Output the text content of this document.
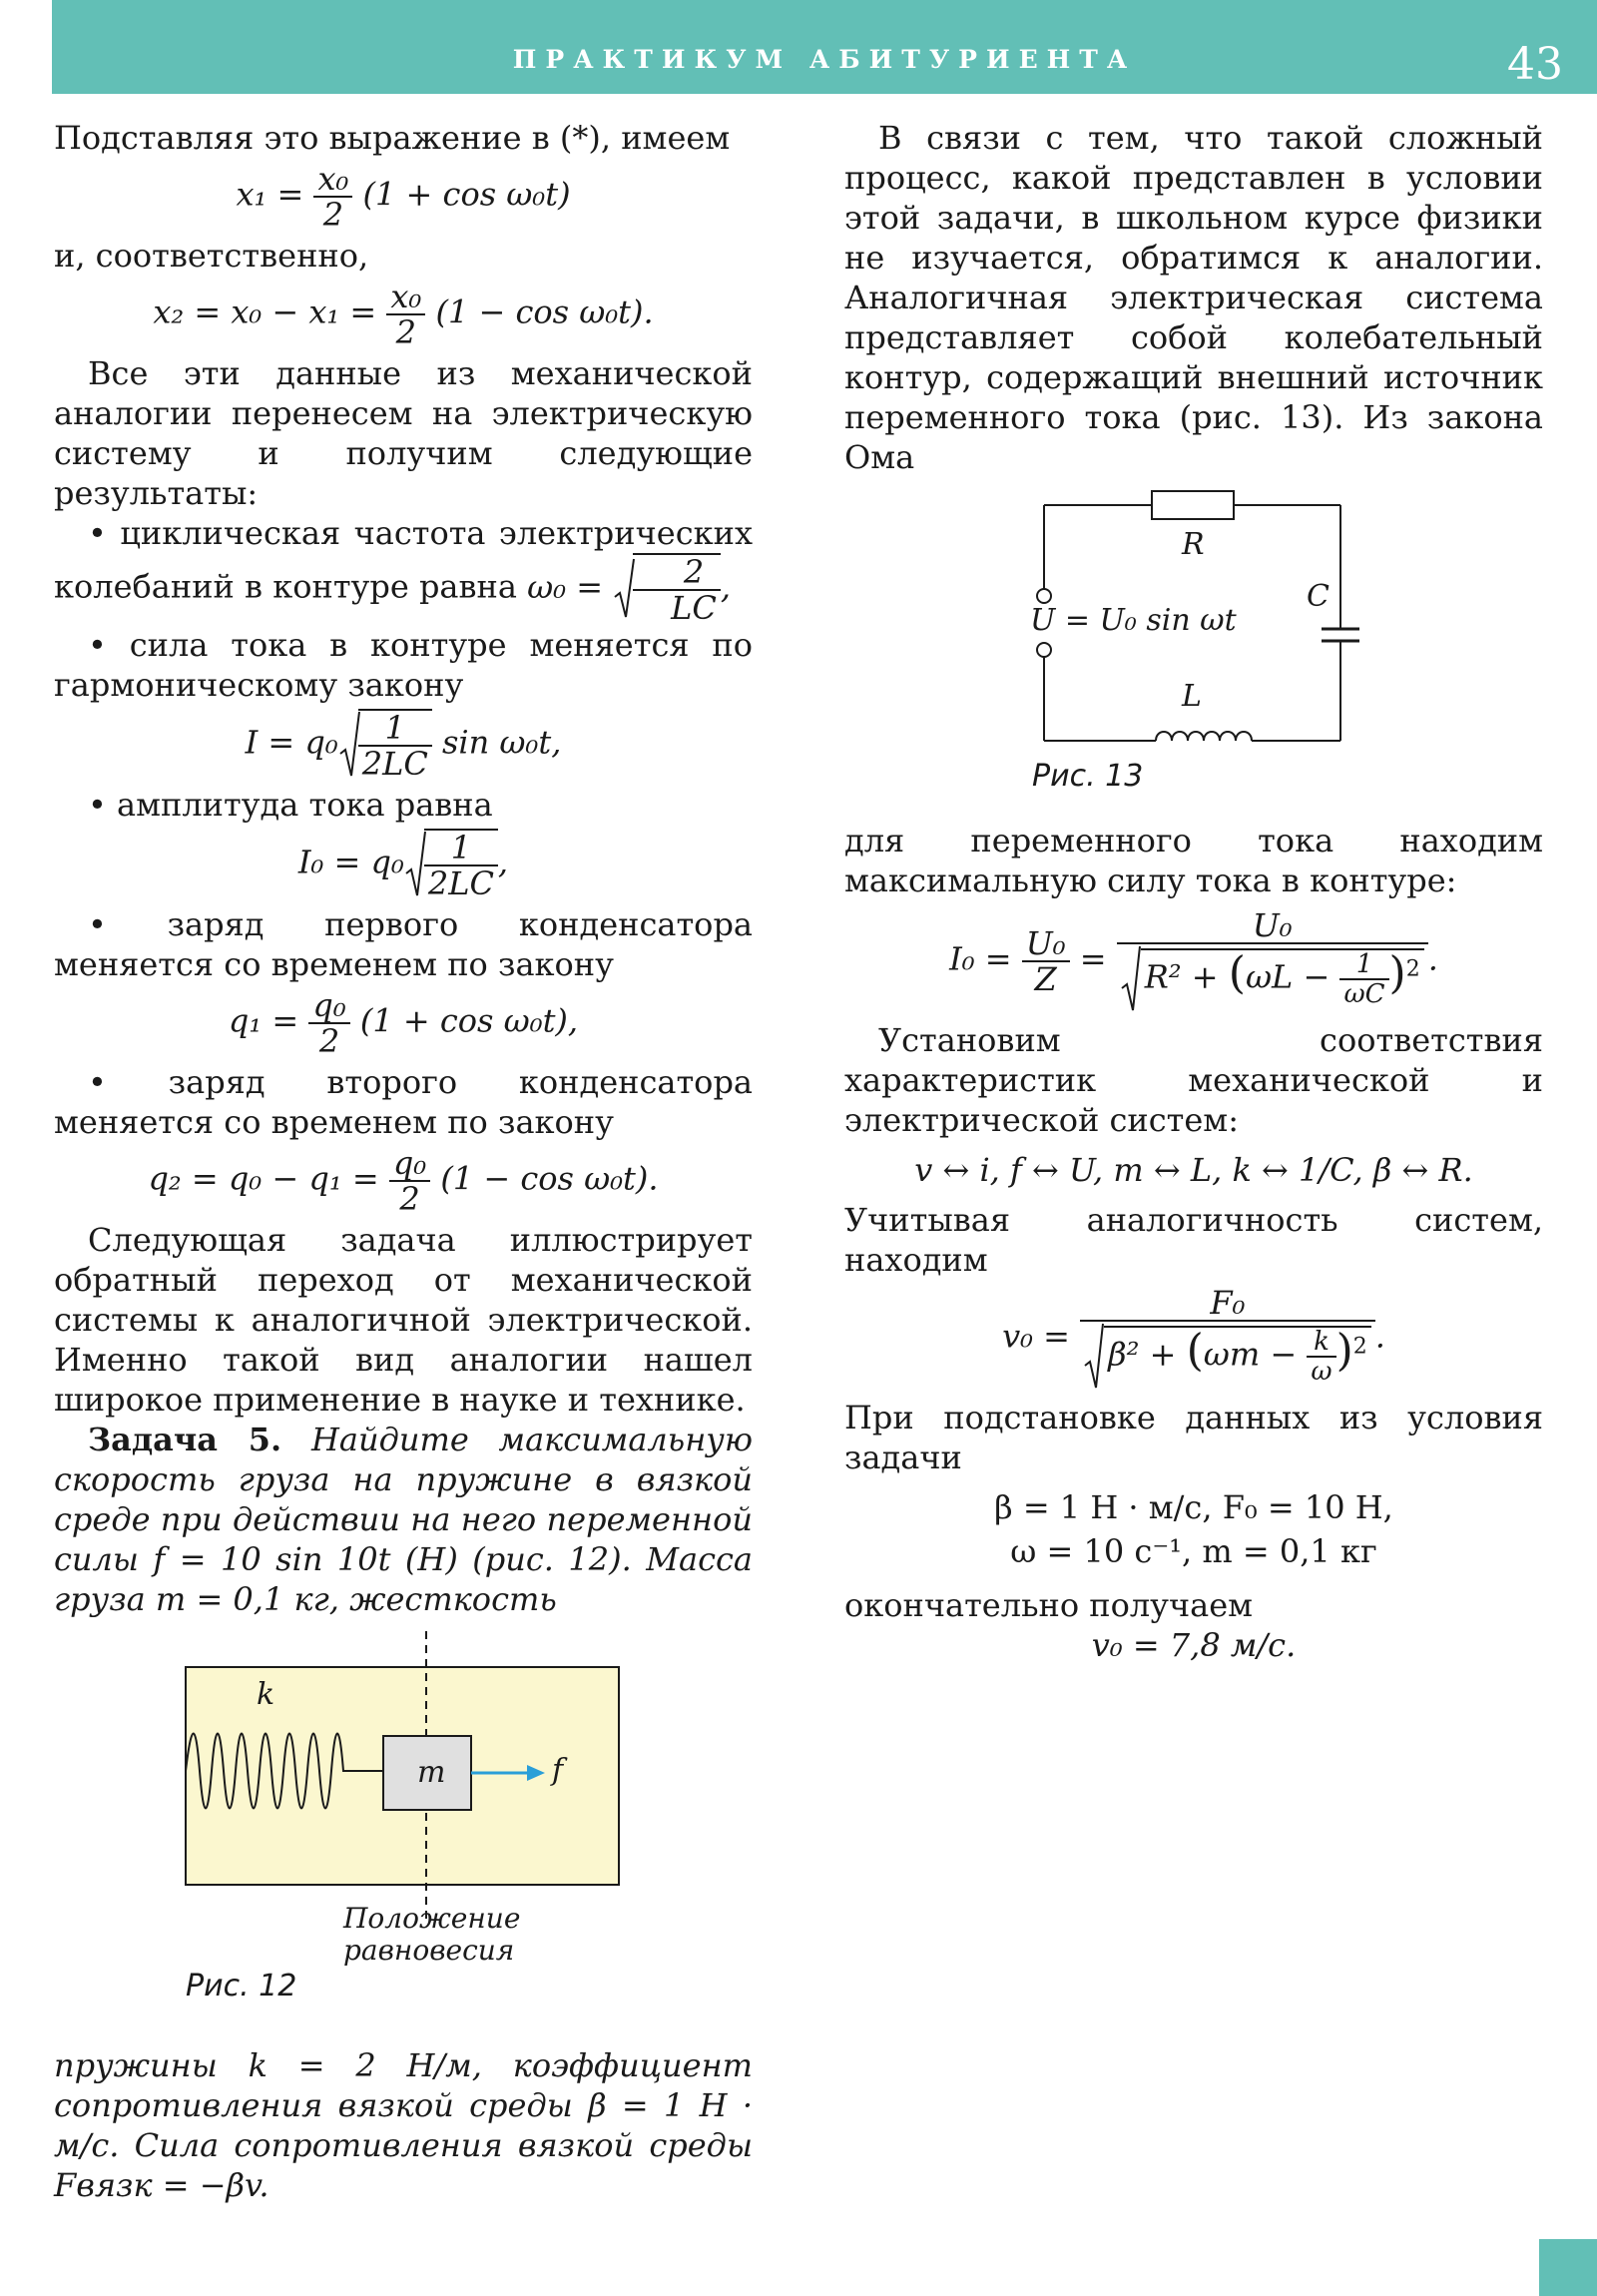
ПРАКТИКУМ АБИТУРИЕНТА	43

Подставляя это выражение в (*), имеем

$x_1 = \frac{\text{x₀}}{2} (1 + \cos \omega_0t)$

и, соответственно,

$x_2 = x_0 - x_1 = \frac{\text{x₀}}{2} (1 - \cos \omega_0t)$.

Все эти данные из механической аналогии перенесем на электрическую систему и получим следующие результаты:

• циклическая частота электрических колебаний в контуре равна $\omega_0 = \frac{2}{LC}$ ,

• сила тока в контуре меняется по гармоническому закону

$I = q_0 \frac{1}{2LC}$ sin ω₀t,

• амплитуда тока равна

$I_0 = q_0 \frac{1}{2LC}$ ,

• заряд первого конденсатора меняется со временем по закону

$q_1 = \frac{\text{q₀}}{2} (1 + \cos \omega_0t)$,

• заряд второго конденсатора меняется со временем по закону

$q_2 = q_0 - q_1 = \frac{\text{q₀}}{2} (1 - \cos \omega_0t)$.

Следующая задача иллюстрирует обратный переход от механической системы к аналогичной электрической. Именно такой вид аналогии нашел широкое применение в науке и технике.

Задача 5. Найдите максимальную скорость груза на пружине в вязкой среде при действии на него переменной силы f = 10 sin 10t (Н) (рис. 12). Масса груза m = 0,1 кг, жесткость

k
m	f
Положение
равновесия
Рис. 12

пружины k = 2 Н/м, коэффициент сопротивления вязкой среды β = 1 Н · м/с. Сила сопротивления вязкой среды Fвязк = −βv.

В связи с тем, что такой сложный процесс, какой представлен в условии этой задачи, в школьном курсе физики не изучается, обратимся к аналогии. Аналогичная электрическая система представляет собой колебательный контур, содержащий внешний источник переменного тока (рис. 13). Из закона Ома

R
C
L
U = U₀ sin ωt
Рис. 13

для переменного тока находим максимальную силу тока в контуре:

$I_0 = \frac{\text{U₀}}{Z}$ =
U₀
$R^2 + (\omega L - \frac{1}{\omega C} )^2$ .

Установим соответствия характеристик механической и электрической систем:

v ↔ i, f ↔ U, m ↔ L, k ↔ 1/C, β ↔ R.

Учитывая аналогичность систем, находим

v₀ =
F₀
$\beta^2 + (\omega m - \frac{k}{\omega} )^2$ .

При подстановке данных из условия задачи

β = 1 Н · м/с, F₀ = 10 Н,
ω = 10 с⁻¹, m = 0,1 кг

окончательно получаем

v₀ = 7,8 м/с.
